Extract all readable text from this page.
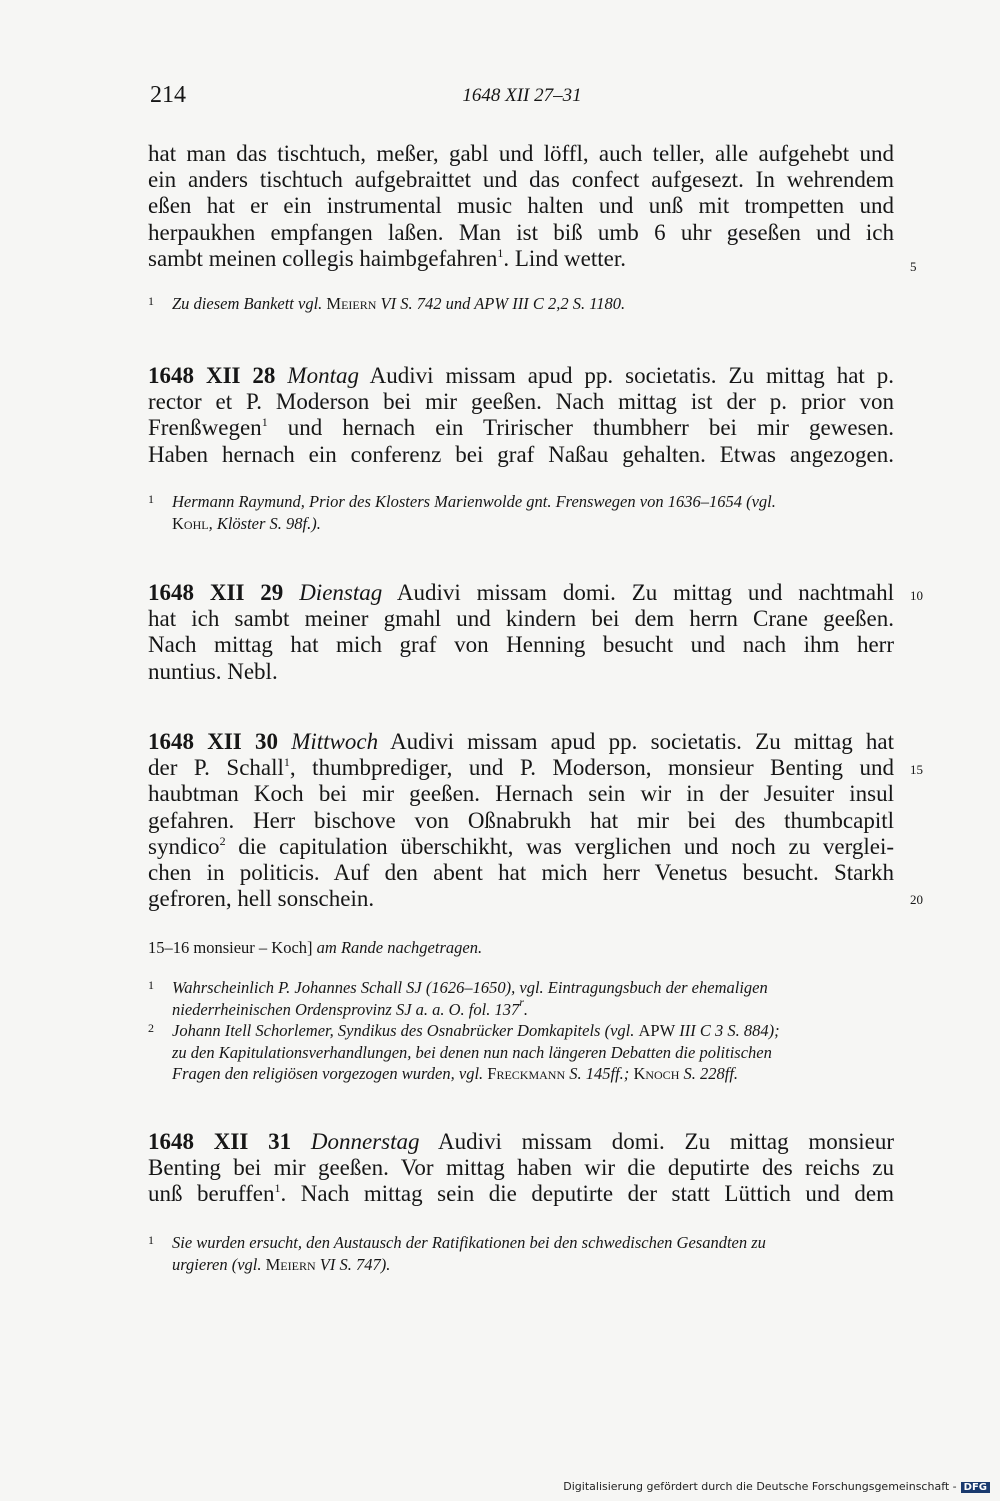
214	1648 XII 27–31
hat man das tischtuch, meßer, gabl und löffl, auch teller, alle aufgehebt und
ein anders tischtuch aufgebraittet und das confect aufgesezt. In wehrendem
eßen hat er ein instrumental music halten und unß mit trompetten und
herpaukhen empfangen laßen. Man ist biß umb 6 uhr geseßen und ich
sambt meinen collegis haimbgefahren$^1$. Lind wetter.	5
1 Zu diesem Bankett vgl. Meiern VI S. 742 und APW III C 2,2 S. 1180.
1648 XII 28 Montag Audivi missam apud pp. societatis. Zu mittag hat p.
rector et P. Moderson bei mir geeßen. Nach mittag ist der p. prior von
Frenßwegen$^1$ und hernach ein Tririscher thumbherr bei mir gewesen.
Haben hernach ein conferenz bei graf Naßau gehalten. Etwas angezogen.
1 Hermann Raymund, Prior des Klosters Marienwolde gnt. Frenswegen von 1636–1654 (vgl.
Kohl, Klöster S. 98f.).
1648 XII 29 Dienstag Audivi missam domi. Zu mittag und nachtmahl
hat ich sambt meiner gmahl und kindern bei dem herrn Crane geeßen.
Nach mittag hat mich graf von Henning besucht und nach ihm herr
nuntius. Nebl.
10
1648 XII 30 Mittwoch Audivi missam apud pp. societatis. Zu mittag hat
der P. Schall$^1$, thumbprediger, und P. Moderson, monsieur Benting und
haubtman Koch bei mir geeßen. Hernach sein wir in der Jesuiter insul
gefahren. Herr bischove von Oßnabrukh hat mir bei des thumbcapitl
syndico$^2$ die capitulation überschikht, was verglichen und noch zu verglei-
chen in politicis. Auf den abent hat mich herr Venetus besucht. Starkh
gefroren, hell sonschein.
15
20
15–16 monsieur – Koch] am Rande nachgetragen.
1 Wahrscheinlich P. Johannes Schall SJ (1626–1650), vgl. Eintragungsbuch der ehemaligen
niederrheinischen Ordensprovinz SJ a. a. O. fol. 137$^r$.
2 Johann Itell Schorlemer, Syndikus des Osnabrücker Domkapitels (vgl. APW III C 3 S. 884);
zu den Kapitulationsverhandlungen, bei denen nun nach längeren Debatten die politischen
Fragen den religiösen vorgezogen wurden, vgl. Freckmann S. 145ff.; Knoch S. 228ff.
1648 XII 31 Donnerstag Audivi missam domi. Zu mittag monsieur
Benting bei mir geeßen. Vor mittag haben wir die deputirte des reichs zu
unß beruffen$^1$. Nach mittag sein die deputirte der statt Lüttich und dem
1 Sie wurden ersucht, den Austausch der Ratifikationen bei den schwedischen Gesandten zu
urgieren (vgl. Meiern VI S. 747).
Digitalisierung gefördert durch die Deutsche Forschungsgemeinschaft - DFG
